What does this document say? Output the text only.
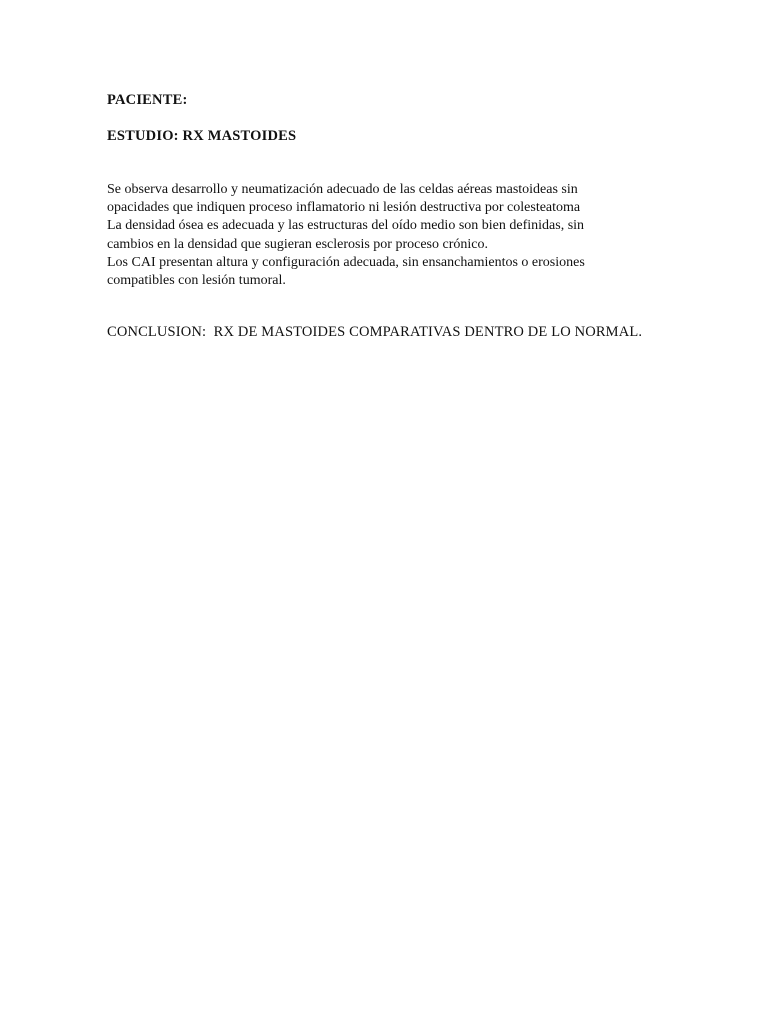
PACIENTE:
ESTUDIO: RX MASTOIDES
Se observa desarrollo y neumatización adecuado de las celdas aéreas mastoideas sin
opacidades que indiquen proceso inflamatorio ni lesión destructiva por colesteatoma
La densidad ósea es adecuada y las estructuras del oído medio son bien definidas, sin
cambios en la densidad que sugieran esclerosis por proceso crónico.
Los CAI presentan altura y configuración adecuada, sin ensanchamientos o erosiones
compatibles con lesión tumoral.
CONCLUSION:  RX DE MASTOIDES COMPARATIVAS DENTRO DE LO NORMAL.
